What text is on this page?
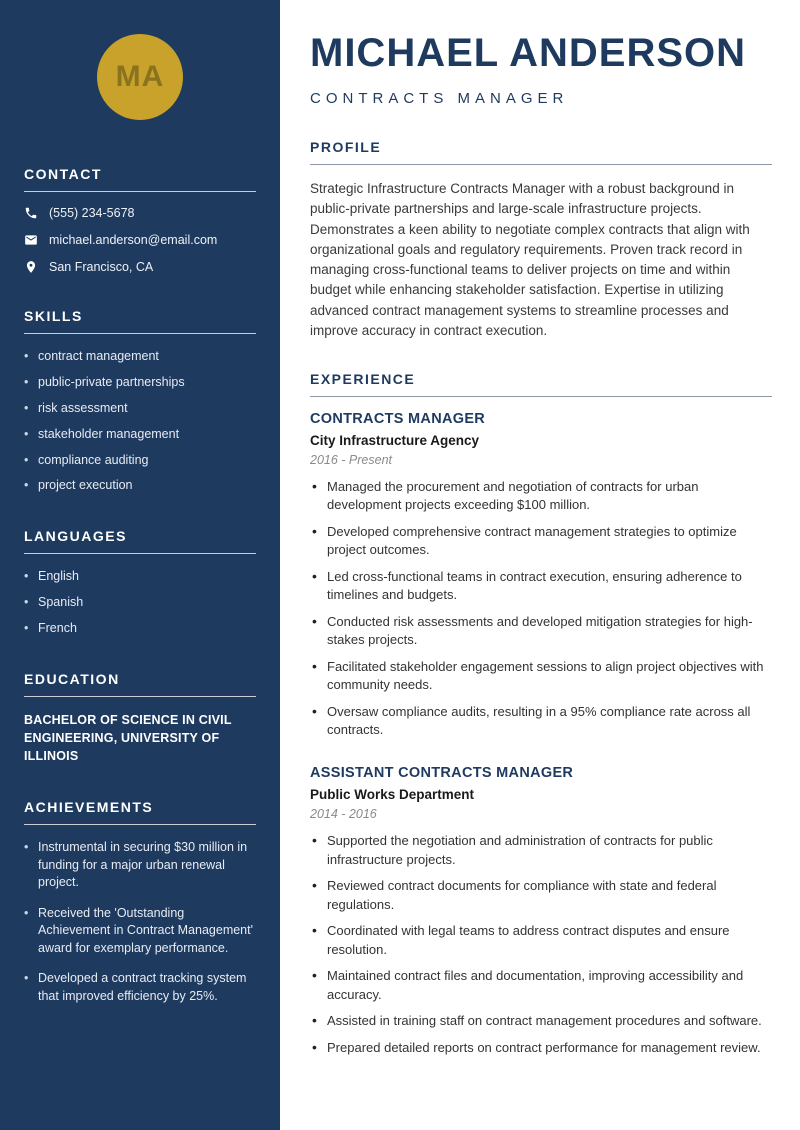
MA
CONTACT
(555) 234-5678
michael.anderson@email.com
San Francisco, CA
SKILLS
• contract management
• public-private partnerships
• risk assessment
• stakeholder management
• compliance auditing
• project execution
LANGUAGES
• English
• Spanish
• French
EDUCATION

BACHELOR OF SCIENCE IN CIVIL ENGINEERING, UNIVERSITY OF ILLINOIS

ACHIEVEMENTS
• Instrumental in securing $30 million in funding for a major urban renewal project.
• Received the 'Outstanding Achievement in Contract Management' award for exemplary performance.
• Developed a contract tracking system that improved efficiency by 25%.
MICHAEL ANDERSON
CONTRACTS MANAGER
PROFILE

Strategic Infrastructure Contracts Manager with a robust background in public-private partnerships and large-scale infrastructure projects. Demonstrates a keen ability to negotiate complex contracts that align with organizational goals and regulatory requirements. Proven track record in managing cross-functional teams to deliver projects on time and within budget while enhancing stakeholder satisfaction. Expertise in utilizing advanced contract management systems to streamline processes and improve accuracy in contract execution.

EXPERIENCE
CONTRACTS MANAGER
City Infrastructure Agency
2016 - Present
• Managed the procurement and negotiation of contracts for urban development projects exceeding $100 million.
• Developed comprehensive contract management strategies to optimize project outcomes.
• Led cross-functional teams in contract execution, ensuring adherence to timelines and budgets.
• Conducted risk assessments and developed mitigation strategies for high-stakes projects.
• Facilitated stakeholder engagement sessions to align project objectives with community needs.
• Oversaw compliance audits, resulting in a 95% compliance rate across all contracts.
ASSISTANT CONTRACTS MANAGER
Public Works Department
2014 - 2016
• Supported the negotiation and administration of contracts for public infrastructure projects.
• Reviewed contract documents for compliance with state and federal regulations.
• Coordinated with legal teams to address contract disputes and ensure resolution.
• Maintained contract files and documentation, improving accessibility and accuracy.
• Assisted in training staff on contract management procedures and software.
• Prepared detailed reports on contract performance for management review.
